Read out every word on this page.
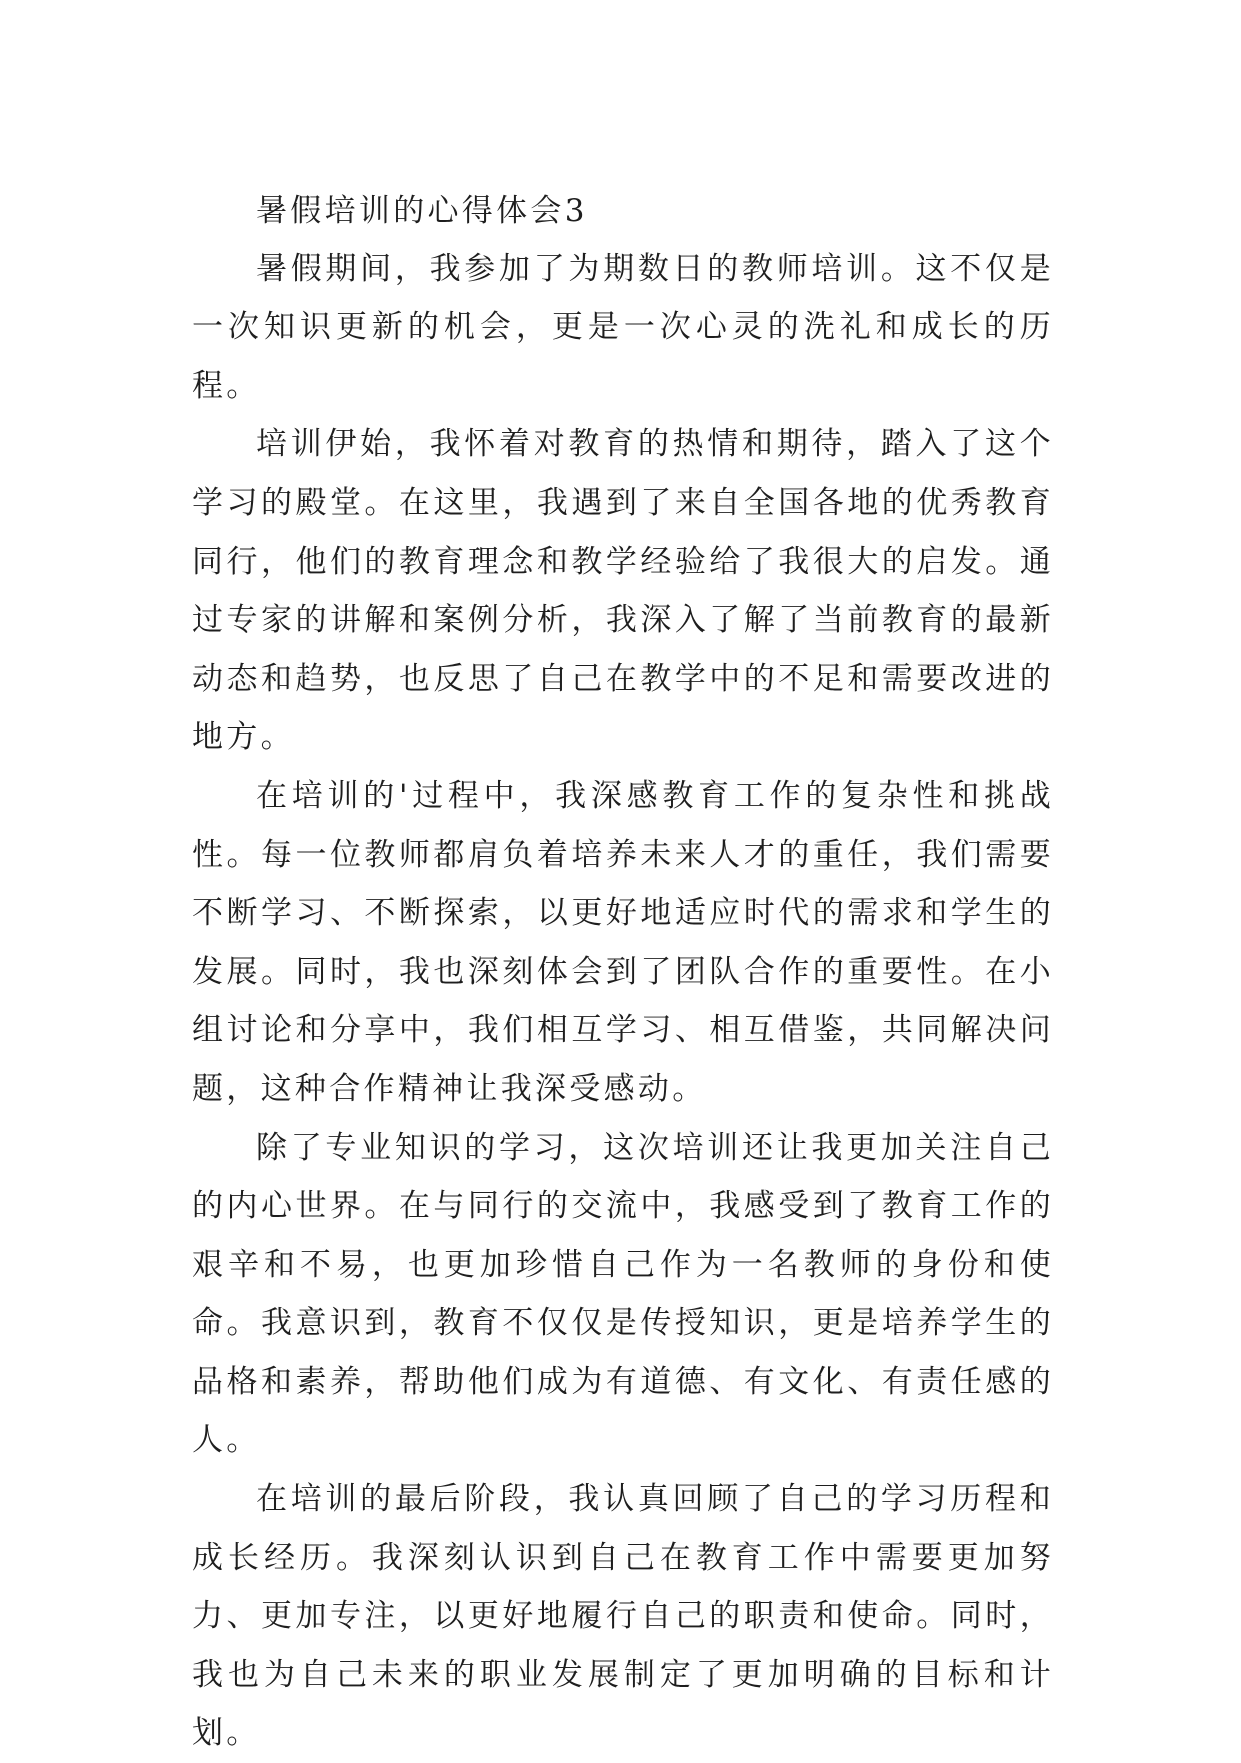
暑假培训的心得体会3

暑假期间，我参加了为期数日的教师培训。这不仅是一次知识更新的机会，更是一次心灵的洗礼和成长的历程。

培训伊始，我怀着对教育的热情和期待，踏入了这个学习的殿堂。在这里，我遇到了来自全国各地的优秀教育同行，他们的教育理念和教学经验给了我很大的启发。通过专家的讲解和案例分析，我深入了解了当前教育的最新动态和趋势，也反思了自己在教学中的不足和需要改进的地方。

在培训的'过程中，我深感教育工作的复杂性和挑战性。每一位教师都肩负着培养未来人才的重任，我们需要不断学习、不断探索，以更好地适应时代的需求和学生的发展。同时，我也深刻体会到了团队合作的重要性。在小组讨论和分享中，我们相互学习、相互借鉴，共同解决问题，这种合作精神让我深受感动。

除了专业知识的学习，这次培训还让我更加关注自己的内心世界。在与同行的交流中，我感受到了教育工作的艰辛和不易，也更加珍惜自己作为一名教师的身份和使命。我意识到，教育不仅仅是传授知识，更是培养学生的品格和素养，帮助他们成为有道德、有文化、有责任感的人。

在培训的最后阶段，我认真回顾了自己的学习历程和成长经历。我深刻认识到自己在教育工作中需要更加努力、更加专注，以更好地履行自己的职责和使命。同时，我也为自己未来的职业发展制定了更加明确的目标和计划。
